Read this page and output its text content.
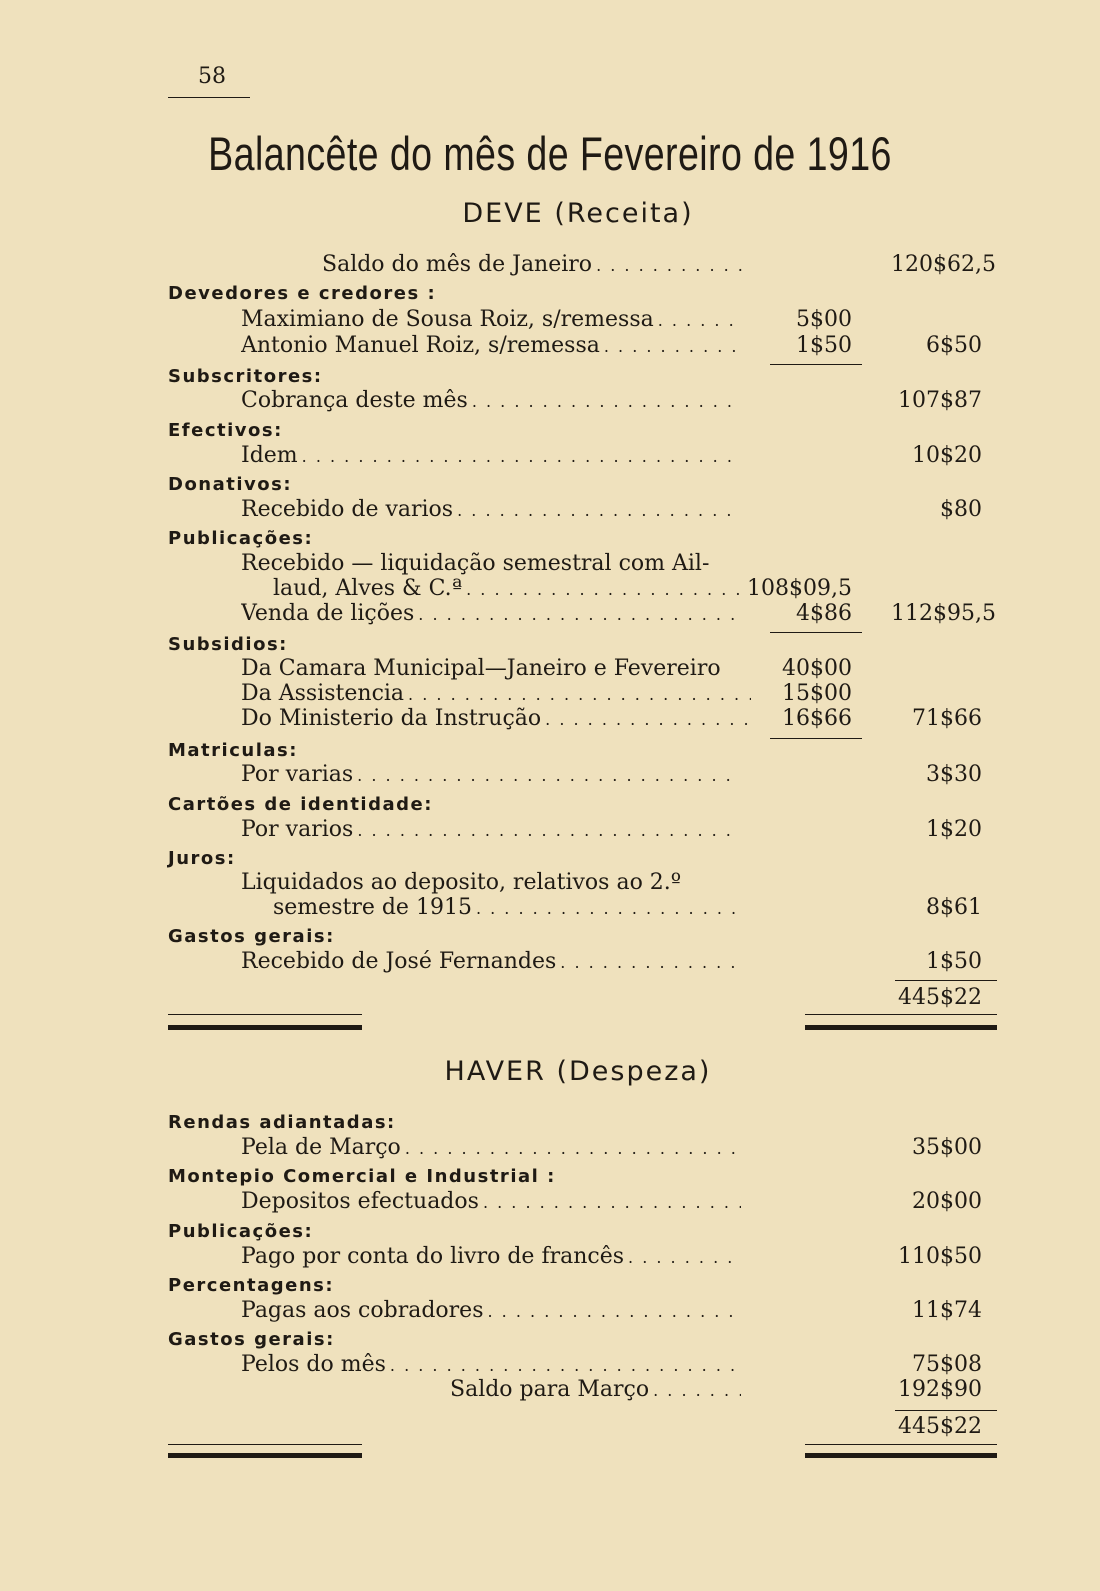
58
Balancête do mês de Fevereiro de 1916
DEVE (Receita)
Saldo do mês de Janeiro . . .	120$62,5
Devedores e credores :
Maximiano de Sousa Roiz, s/remessa . . .	5$00
Antonio Manuel Roiz, s/remessa . . .	1$50	6$50
Subscritores:
Cobrança deste mês . . .	107$87
Efectivos:
Idem . . .	10$20
Donativos:
Recebido de varios . . .	$80
Publicações:
Recebido — liquidação semestral com Ail-
laud, Alves & C.ª . . .	108$09,5
Venda de lições . . .	4$86 112$95,5
Subsidios:
Da Camara Municipal—Janeiro e Fevereiro	40$00
Da Assistencia . . .	15$00
Do Ministerio da Instrução . . .	16$66	71$66
Matriculas:
Por varias . . .	3$30
Cartões de identidade:
Por varios . . .	1$20
Juros:
Liquidados ao deposito, relativos ao 2.º
semestre de 1915 . . .	8$61
Gastos gerais:
Recebido de José Fernandes . . .	1$50
445$22
HAVER (Despeza)
Rendas adiantadas:
Pela de Março . . .	35$00
Montepio Comercial e Industrial :
Depositos efectuados . . .	20$00
Publicações:
Pago por conta do livro de francês . . .	110$50
Percentagens:
Pagas aos cobradores . . .	11$74
Gastos gerais:
Pelos do mês . . .	75$08
Saldo para Março . . .	192$90
445$22
